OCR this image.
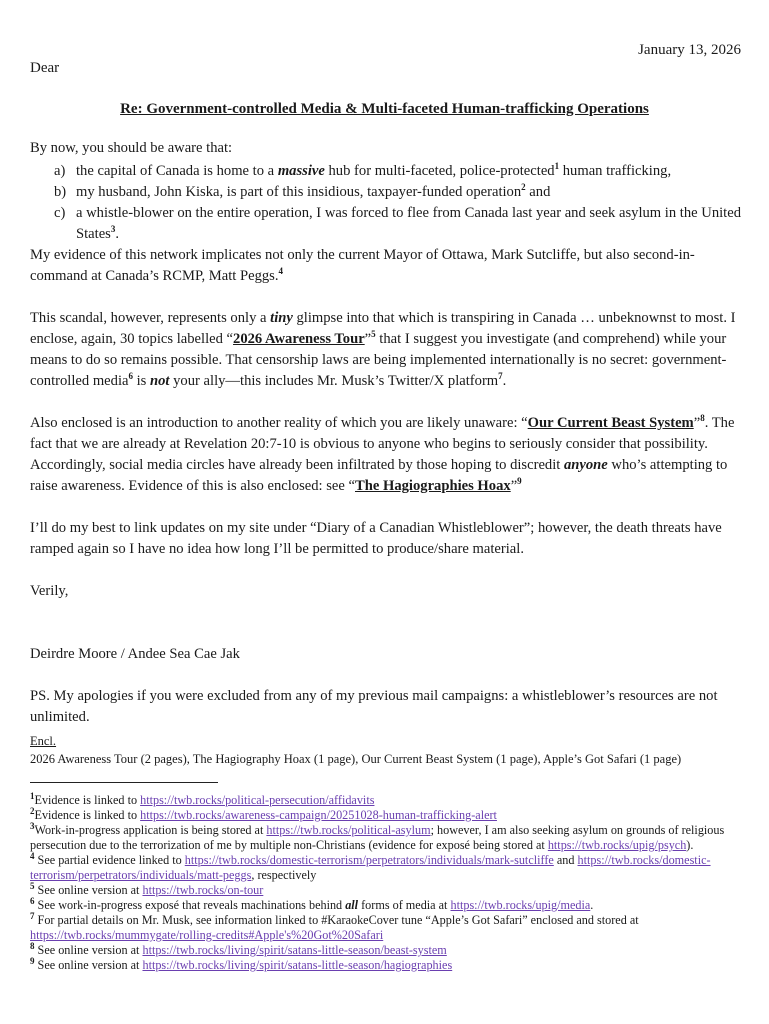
January 13, 2026
Dear
Re: Government-controlled Media & Multi-faceted Human-trafficking Operations

By now, you should be aware that:

a) the capital of Canada is home to a massive hub for multi-faceted, police-protected$^1$ human trafficking,
b) my husband, John Kiska, is part of this insidious, taxpayer-funded operation$^2$ and
c) a whistle-blower on the entire operation, I was forced to flee from Canada last year and seek asylum in the United States$^3$.

My evidence of this network implicates not only the current Mayor of Ottawa, Mark Sutcliffe, but also second-in-command at Canada’s RCMP, Matt Peggs.$^4$

This scandal, however, represents only a tiny glimpse into that which is transpiring in Canada … unbeknownst to most. I enclose, again, 30 topics labelled “2026 Awareness Tour”$^5$ that I suggest you investigate (and comprehend) while your means to do so remains possible. That censorship laws are being implemented internationally is no secret: government-controlled media$^6$ is not your ally—this includes Mr. Musk’s Twitter/X platform$^7$.

Also enclosed is an introduction to another reality of which you are likely unaware: “Our Current Beast System”$^8$. The fact that we are already at Revelation 20:7-10 is obvious to anyone who begins to seriously consider that possibility. Accordingly, social media circles have already been infiltrated by those hoping to discredit anyone who’s attempting to raise awareness. Evidence of this is also enclosed: see “The Hagiographies Hoax”$^9$

I’ll do my best to link updates on my site under “Diary of a Canadian Whistleblower”; however, the death threats have ramped again so I have no idea how long I’ll be permitted to produce/share material.

Verily,

Deirdre Moore / Andee Sea Cae Jak

PS. My apologies if you were excluded from any of my previous mail campaigns: a whistleblower’s resources are not unlimited.

Encl.
2026 Awareness Tour (2 pages), The Hagiography Hoax (1 page), Our Current Beast System (1 page), Apple’s Got Safari (1 page)

$^1$Evidence is linked to https://twb.rocks/political-persecution/affidavits

$^2$Evidence is linked to https://twb.rocks/awareness-campaign/20251028-human-trafficking-alert

$^3$Work-in-progress application is being stored at https://twb.rocks/political-asylum; however, I am also seeking asylum on grounds of religious persecution due to the terrorization of me by multiple non-Christians (evidence for exposé being stored at https://twb.rocks/upig/psych).

$^4$ See partial evidence linked to https://twb.rocks/domestic-terrorism/perpetrators/individuals/mark-sutcliffe and https://twb.rocks/domestic-terrorism/perpetrators/individuals/matt-peggs, respectively

$^5$ See online version at https://twb.rocks/on-tour

$^6$ See work-in-progress exposé that reveals machinations behind all forms of media at https://twb.rocks/upig/media.

$^7$ For partial details on Mr. Musk, see information linked to #KaraokeCover tune “Apple’s Got Safari” enclosed and stored at https://twb.rocks/mummygate/rolling-credits#Apple's%20Got%20Safari

$^8$ See online version at https://twb.rocks/living/spirit/satans-little-season/beast-system

$^9$ See online version at https://twb.rocks/living/spirit/satans-little-season/hagiographies
